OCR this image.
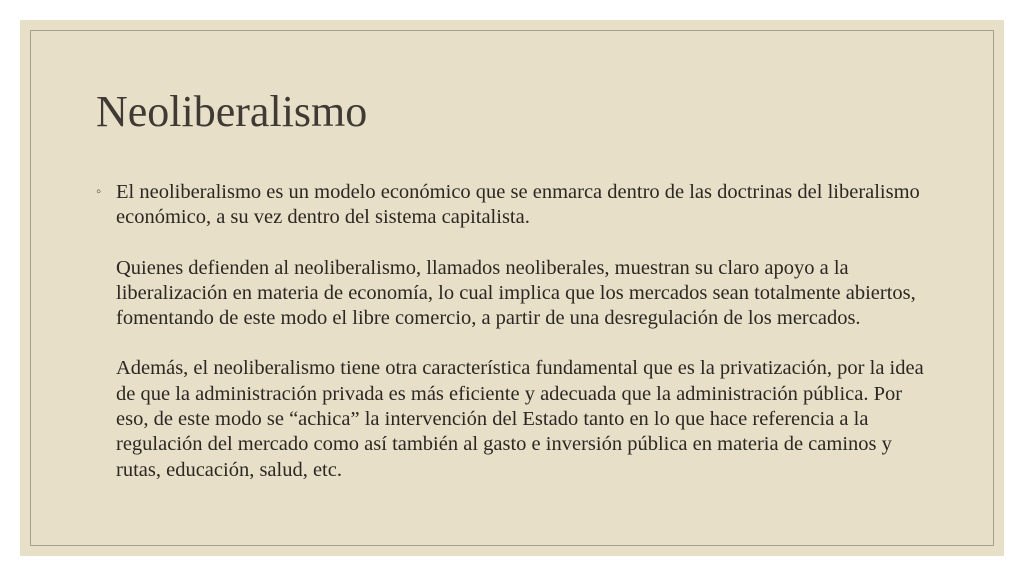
Neoliberalismo
◦ El neoliberalismo es un modelo económico que se enmarca dentro de las doctrinas del liberalismo económico, a su vez dentro del sistema capitalista.

Quienes defienden al neoliberalismo, llamados neoliberales, muestran su claro apoyo a la liberalización en materia de economía, lo cual implica que los mercados sean totalmente abiertos, fomentando de este modo el libre comercio, a partir de una desregulación de los mercados.

Además, el neoliberalismo tiene otra característica fundamental que es la privatización, por la idea de que la administración privada es más eficiente y adecuada que la administración pública. Por eso, de este modo se “achica” la intervención del Estado tanto en lo que hace referencia a la regulación del mercado como así también al gasto e inversión pública en materia de caminos y rutas, educación, salud, etc.
